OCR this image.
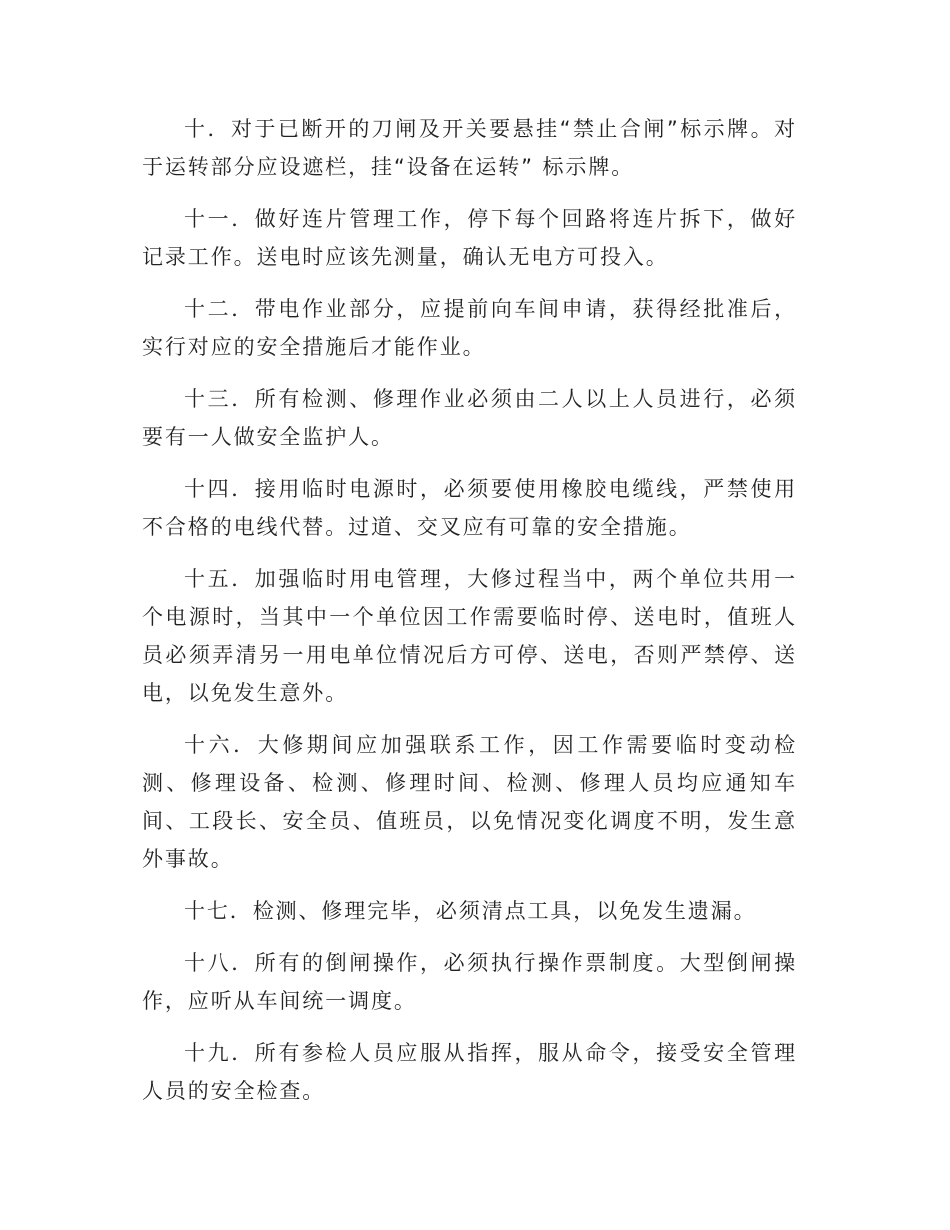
十．对于已断开的刀闸及开关要悬挂“禁止合闸”标示牌。对于运转部分应设遮栏，挂“设备在运转” 标示牌。

十一．做好连片管理工作，停下每个回路将连片拆下，做好记录工作。送电时应该先测量，确认无电方可投入。

十二．带电作业部分，应提前向车间申请，获得经批准后，实行对应的安全措施后才能作业。

十三．所有检测、修理作业必须由二人以上人员进行，必须要有一人做安全监护人。

十四．接用临时电源时，必须要使用橡胶电缆线，严禁使用不合格的电线代替。过道、交叉应有可靠的安全措施。

十五．加强临时用电管理，大修过程当中，两个单位共用一个电源时，当其中一个单位因工作需要临时停、送电时，值班人员必须弄清另一用电单位情况后方可停、送电，否则严禁停、送电，以免发生意外。

十六．大修期间应加强联系工作，因工作需要临时变动检测、修理设备、检测、修理时间、检测、修理人员均应通知车间、工段长、安全员、值班员，以免情况变化调度不明，发生意外事故。

十七．检测、修理完毕，必须清点工具，以免发生遗漏。

十八．所有的倒闸操作，必须执行操作票制度。大型倒闸操作，应听从车间统一调度。

十九．所有参检人员应服从指挥，服从命令，接受安全管理人员的安全检查。
